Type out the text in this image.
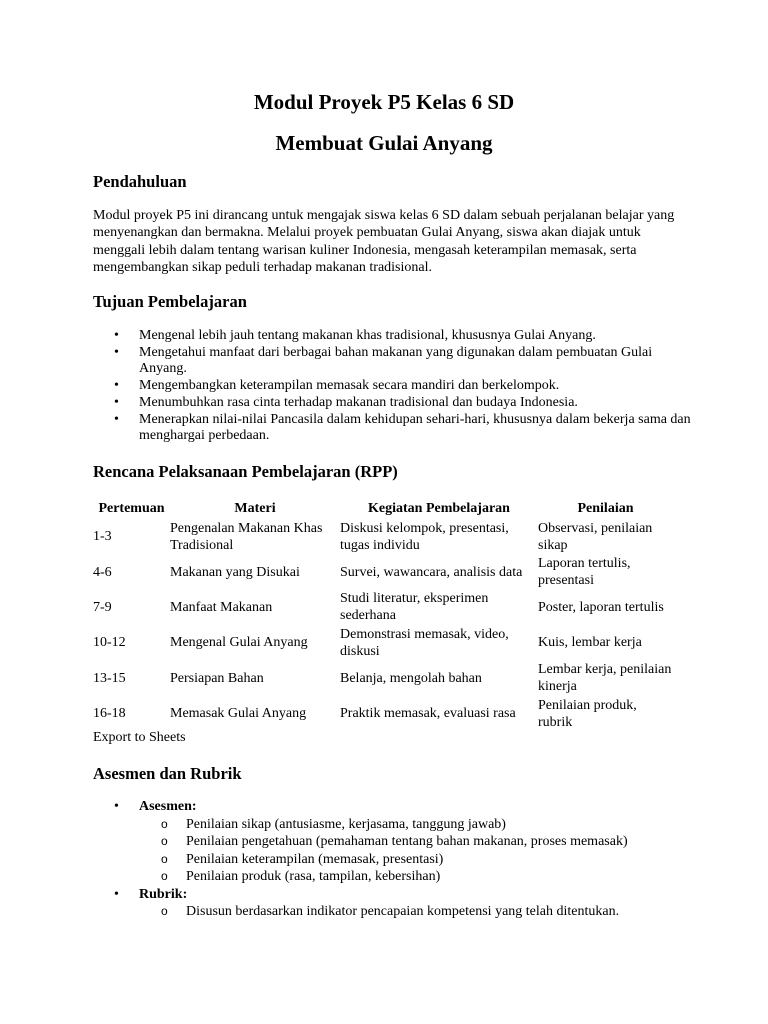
Modul Proyek P5 Kelas 6 SD
Membuat Gulai Anyang
Pendahuluan

Modul proyek P5 ini dirancang untuk mengajak siswa kelas 6 SD dalam sebuah perjalanan belajar yang menyenangkan dan bermakna. Melalui proyek pembuatan Gulai Anyang, siswa akan diajak untuk menggali lebih dalam tentang warisan kuliner Indonesia, mengasah keterampilan memasak, serta mengembangkan sikap peduli terhadap makanan tradisional.

Tujuan Pembelajaran
• Mengenal lebih jauh tentang makanan khas tradisional, khususnya Gulai Anyang.
• Mengetahui manfaat dari berbagai bahan makanan yang digunakan dalam pembuatan Gulai Anyang.
• Mengembangkan keterampilan memasak secara mandiri dan berkelompok.
• Menumbuhkan rasa cinta terhadap makanan tradisional dan budaya Indonesia.
• Menerapkan nilai-nilai Pancasila dalam kehidupan sehari-hari, khususnya dalam bekerja sama dan menghargai perbedaan.
Rencana Pelaksanaan Pembelajaran (RPP)
Pertemuan	Materi	Kegiatan Pembelajaran	Penilaian
1-3	Pengenalan Makanan Khas Tradisional	Diskusi kelompok, presentasi, tugas individu	Observasi, penilaian sikap
4-6	Makanan yang Disukai	Survei, wawancara, analisis data	Laporan tertulis, presentasi
7-9	Manfaat Makanan	Studi literatur, eksperimen sederhana	Poster, laporan tertulis
10-12	Mengenal Gulai Anyang	Demonstrasi memasak, video, diskusi	Kuis, lembar kerja
13-15	Persiapan Bahan	Belanja, mengolah bahan	Lembar kerja, penilaian kinerja
16-18	Memasak Gulai Anyang	Praktik memasak, evaluasi rasa	Penilaian produk, rubrik
Export to Sheets
Asesmen dan Rubrik
• Asesmen:
o Penilaian sikap (antusiasme, kerjasama, tanggung jawab)
o Penilaian pengetahuan (pemahaman tentang bahan makanan, proses memasak)
o Penilaian keterampilan (memasak, presentasi)
o Penilaian produk (rasa, tampilan, kebersihan)
• Rubrik:
o Disusun berdasarkan indikator pencapaian kompetensi yang telah ditentukan.
